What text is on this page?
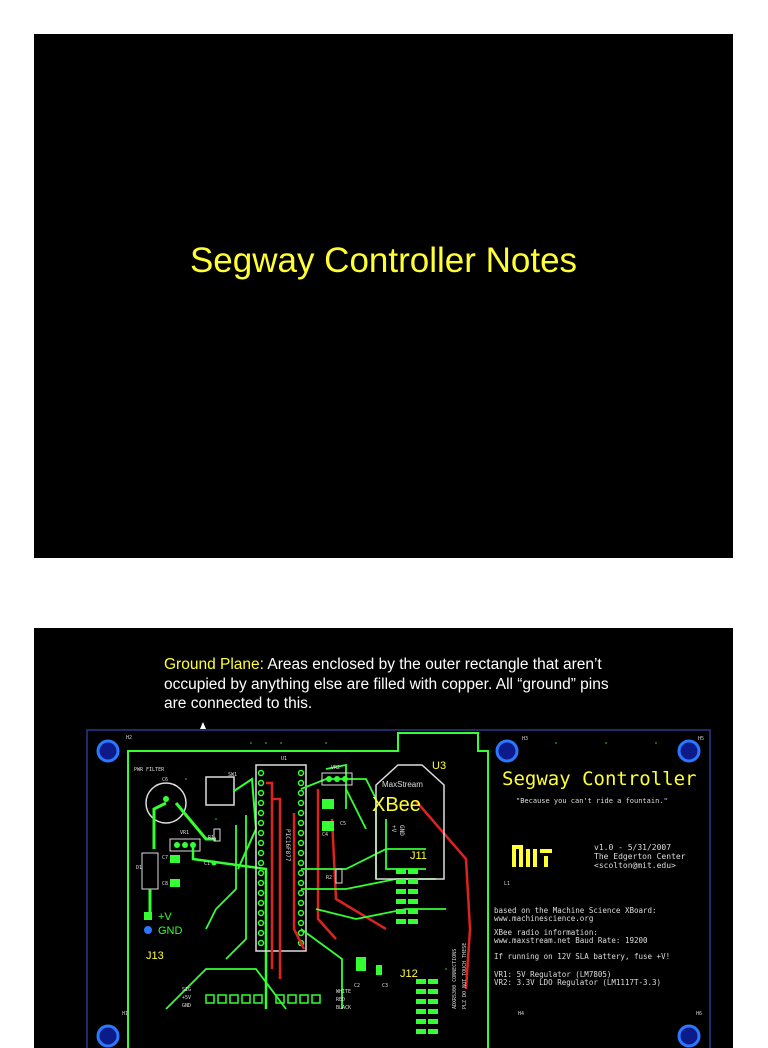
Segway Controller Notes
Ground Plane: Areas enclosed by the outer rectangle that aren’t occupied by anything else are filled with copper. All “ground” pins are connected to this.
H2	H3	H5
H1	H4	H6
PWR FILTER
C6
VR1
D1
C7
C8
+V
GND
J13
SW1
R1
C1
U1
PIC16F877
VR2
C4
C5
R2
U3
MaxStream
XBee
+V GND
J11
J12
C2	C3	ADXRS300 CONNECTIONS PLZ DO NOT TOUCH THESE
SIG
+5V
GND
WHITE
RED
BLACK
Segway Controller
"Because you can't ride a fountain."
v1.0 - 5/31/2007
The Edgerton Center
<scolton@mit.edu>
L1
based on the Machine Science XBoard:
www.machinescience.org
XBee radio information:
www.maxstream.net Baud Rate: 19200
If running on 12V SLA battery, fuse +V!
VR1: 5V Regulator (LM7805)
VR2: 3.3V LDO Regulator (LM1117T-3.3)
